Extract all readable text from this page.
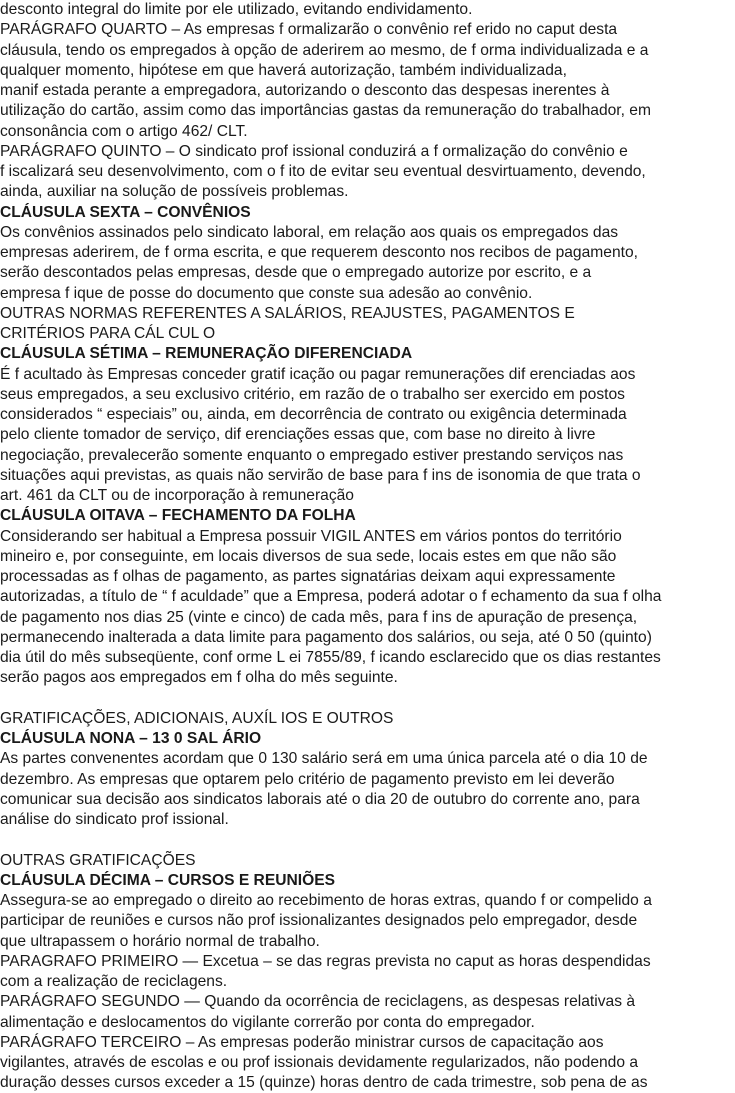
desconto integral do limite por ele utilizado, evitando endividamento.
PARÁGRAFO QUARTO – As empresas f ormalizarão o convênio ref erido no caput desta
cláusula, tendo os empregados à opção de aderirem ao mesmo, de f orma individualizada e a
qualquer momento, hipótese em que haverá autorização, também individualizada,
manif estada perante a empregadora, autorizando o desconto das despesas inerentes à
utilização do cartão, assim como das importâncias gastas da remuneração do trabalhador, em
consonância com o artigo 462/ CLT.
PARÁGRAFO QUINTO – O sindicato prof issional conduzirá a f ormalização do convênio e
f iscalizará seu desenvolvimento, com o f ito de evitar seu eventual desvirtuamento, devendo,
ainda, auxiliar na solução de possíveis problemas.
CLÁUSULA SEXTA – CONVÊNIOS
Os convênios assinados pelo sindicato laboral, em relação aos quais os empregados das
empresas aderirem, de f orma escrita, e que requerem desconto nos recibos de pagamento,
serão descontados pelas empresas, desde que o empregado autorize por escrito, e a
empresa f ique de posse do documento que conste sua adesão ao convênio.
OUTRAS NORMAS REFERENTES A SALÁRIOS, REAJUSTES, PAGAMENTOS E
CRITÉRIOS PARA CÁL CUL O
CLÁUSULA SÉTIMA – REMUNERAÇÃO DIFERENCIADA
É f acultado às Empresas conceder gratif icação ou pagar remunerações dif erenciadas aos
seus empregados, a seu exclusivo critério, em razão de o trabalho ser exercido em postos
considerados “ especiais” ou, ainda, em decorrência de contrato ou exigência determinada
pelo cliente tomador de serviço, dif erenciações essas que, com base no direito à livre
negociação, prevalecerão somente enquanto o empregado estiver prestando serviços nas
situações aqui previstas, as quais não servirão de base para f ins de isonomia de que trata o
art. 461 da CLT ou de incorporação à remuneração
CLÁUSULA OITAVA – FECHAMENTO DA FOLHA
Considerando ser habitual a Empresa possuir VIGIL ANTES em vários pontos do território
mineiro e, por conseguinte, em locais diversos de sua sede, locais estes em que não são
processadas as f olhas de pagamento, as partes signatárias deixam aqui expressamente
autorizadas, a título de “ f aculdade” que a Empresa, poderá adotar o f echamento da sua f olha
de pagamento nos dias 25 (vinte e cinco) de cada mês, para f ins de apuração de presença,
permanecendo inalterada a data limite para pagamento dos salários, ou seja, até 0 50 (quinto)
dia útil do mês subseqüente, conf orme L ei 7855/89, f icando esclarecido que os dias restantes
serão pagos aos empregados em f olha do mês seguinte.
GRATIFICAÇÕES, ADICIONAIS, AUXÍL IOS E OUTROS
CLÁUSULA NONA – 13 0 SAL ÁRIO
As partes convenentes acordam que 0 130 salário será em uma única parcela até o dia 10 de
dezembro. As empresas que optarem pelo critério de pagamento previsto em lei deverão
comunicar sua decisão aos sindicatos laborais até o dia 20 de outubro do corrente ano, para
análise do sindicato prof issional.
OUTRAS GRATIFICAÇÕES
CLÁUSULA DÉCIMA – CURSOS E REUNIÕES
Assegura-se ao empregado o direito ao recebimento de horas extras, quando f or compelido a
participar de reuniões e cursos não prof issionalizantes designados pelo empregador, desde
que ultrapassem o horário normal de trabalho.
PARAGRAFO PRIMEIRO — Excetua – se das regras prevista no caput as horas despendidas
com a realização de reciclagens.
PARÁGRAFO SEGUNDO — Quando da ocorrência de reciclagens, as despesas relativas à
alimentação e deslocamentos do vigilante correrão por conta do empregador.
PARÁGRAFO TERCEIRO – As empresas poderão ministrar cursos de capacitação aos
vigilantes, através de escolas e ou prof issionais devidamente regularizados, não podendo a
duração desses cursos exceder a 15 (quinze) horas dentro de cada trimestre, sob pena de as
